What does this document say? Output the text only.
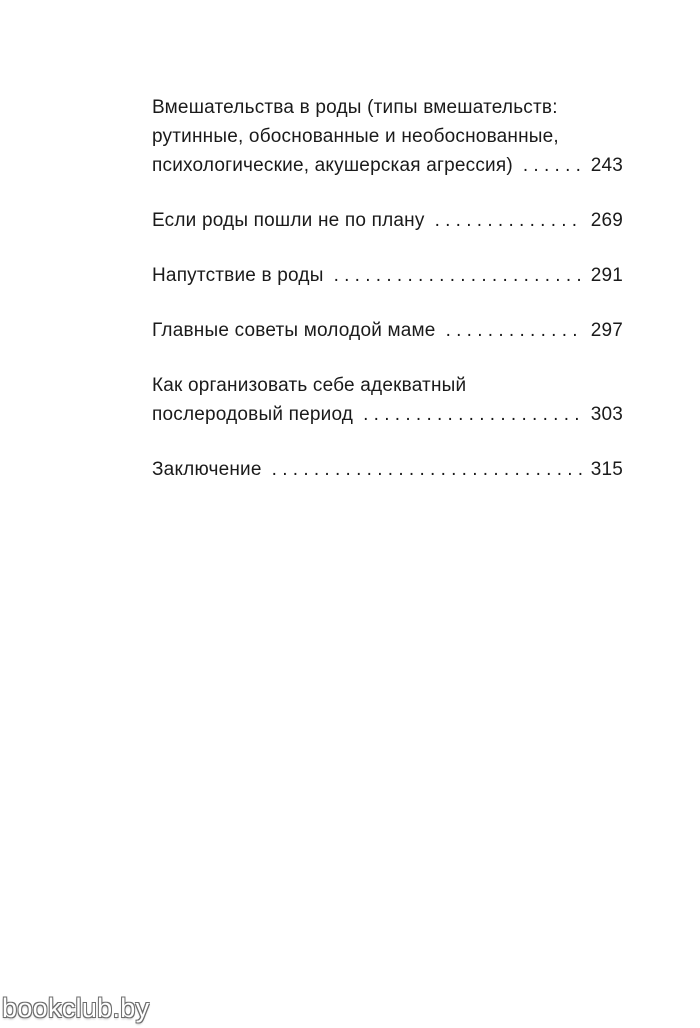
Вмешательства в роды (типы вмешательств:
рутинные, обоснованные и необоснованные,
психологические, акушерская агрессия) . . .	243
Если роды пошли не по плану . . .	269
Напутствие в роды . . .	291
Главные советы молодой маме . . .	297
Как организовать себе адекватный
послеродовый период . . .	303
Заключение . . .	315
bookclub.by
